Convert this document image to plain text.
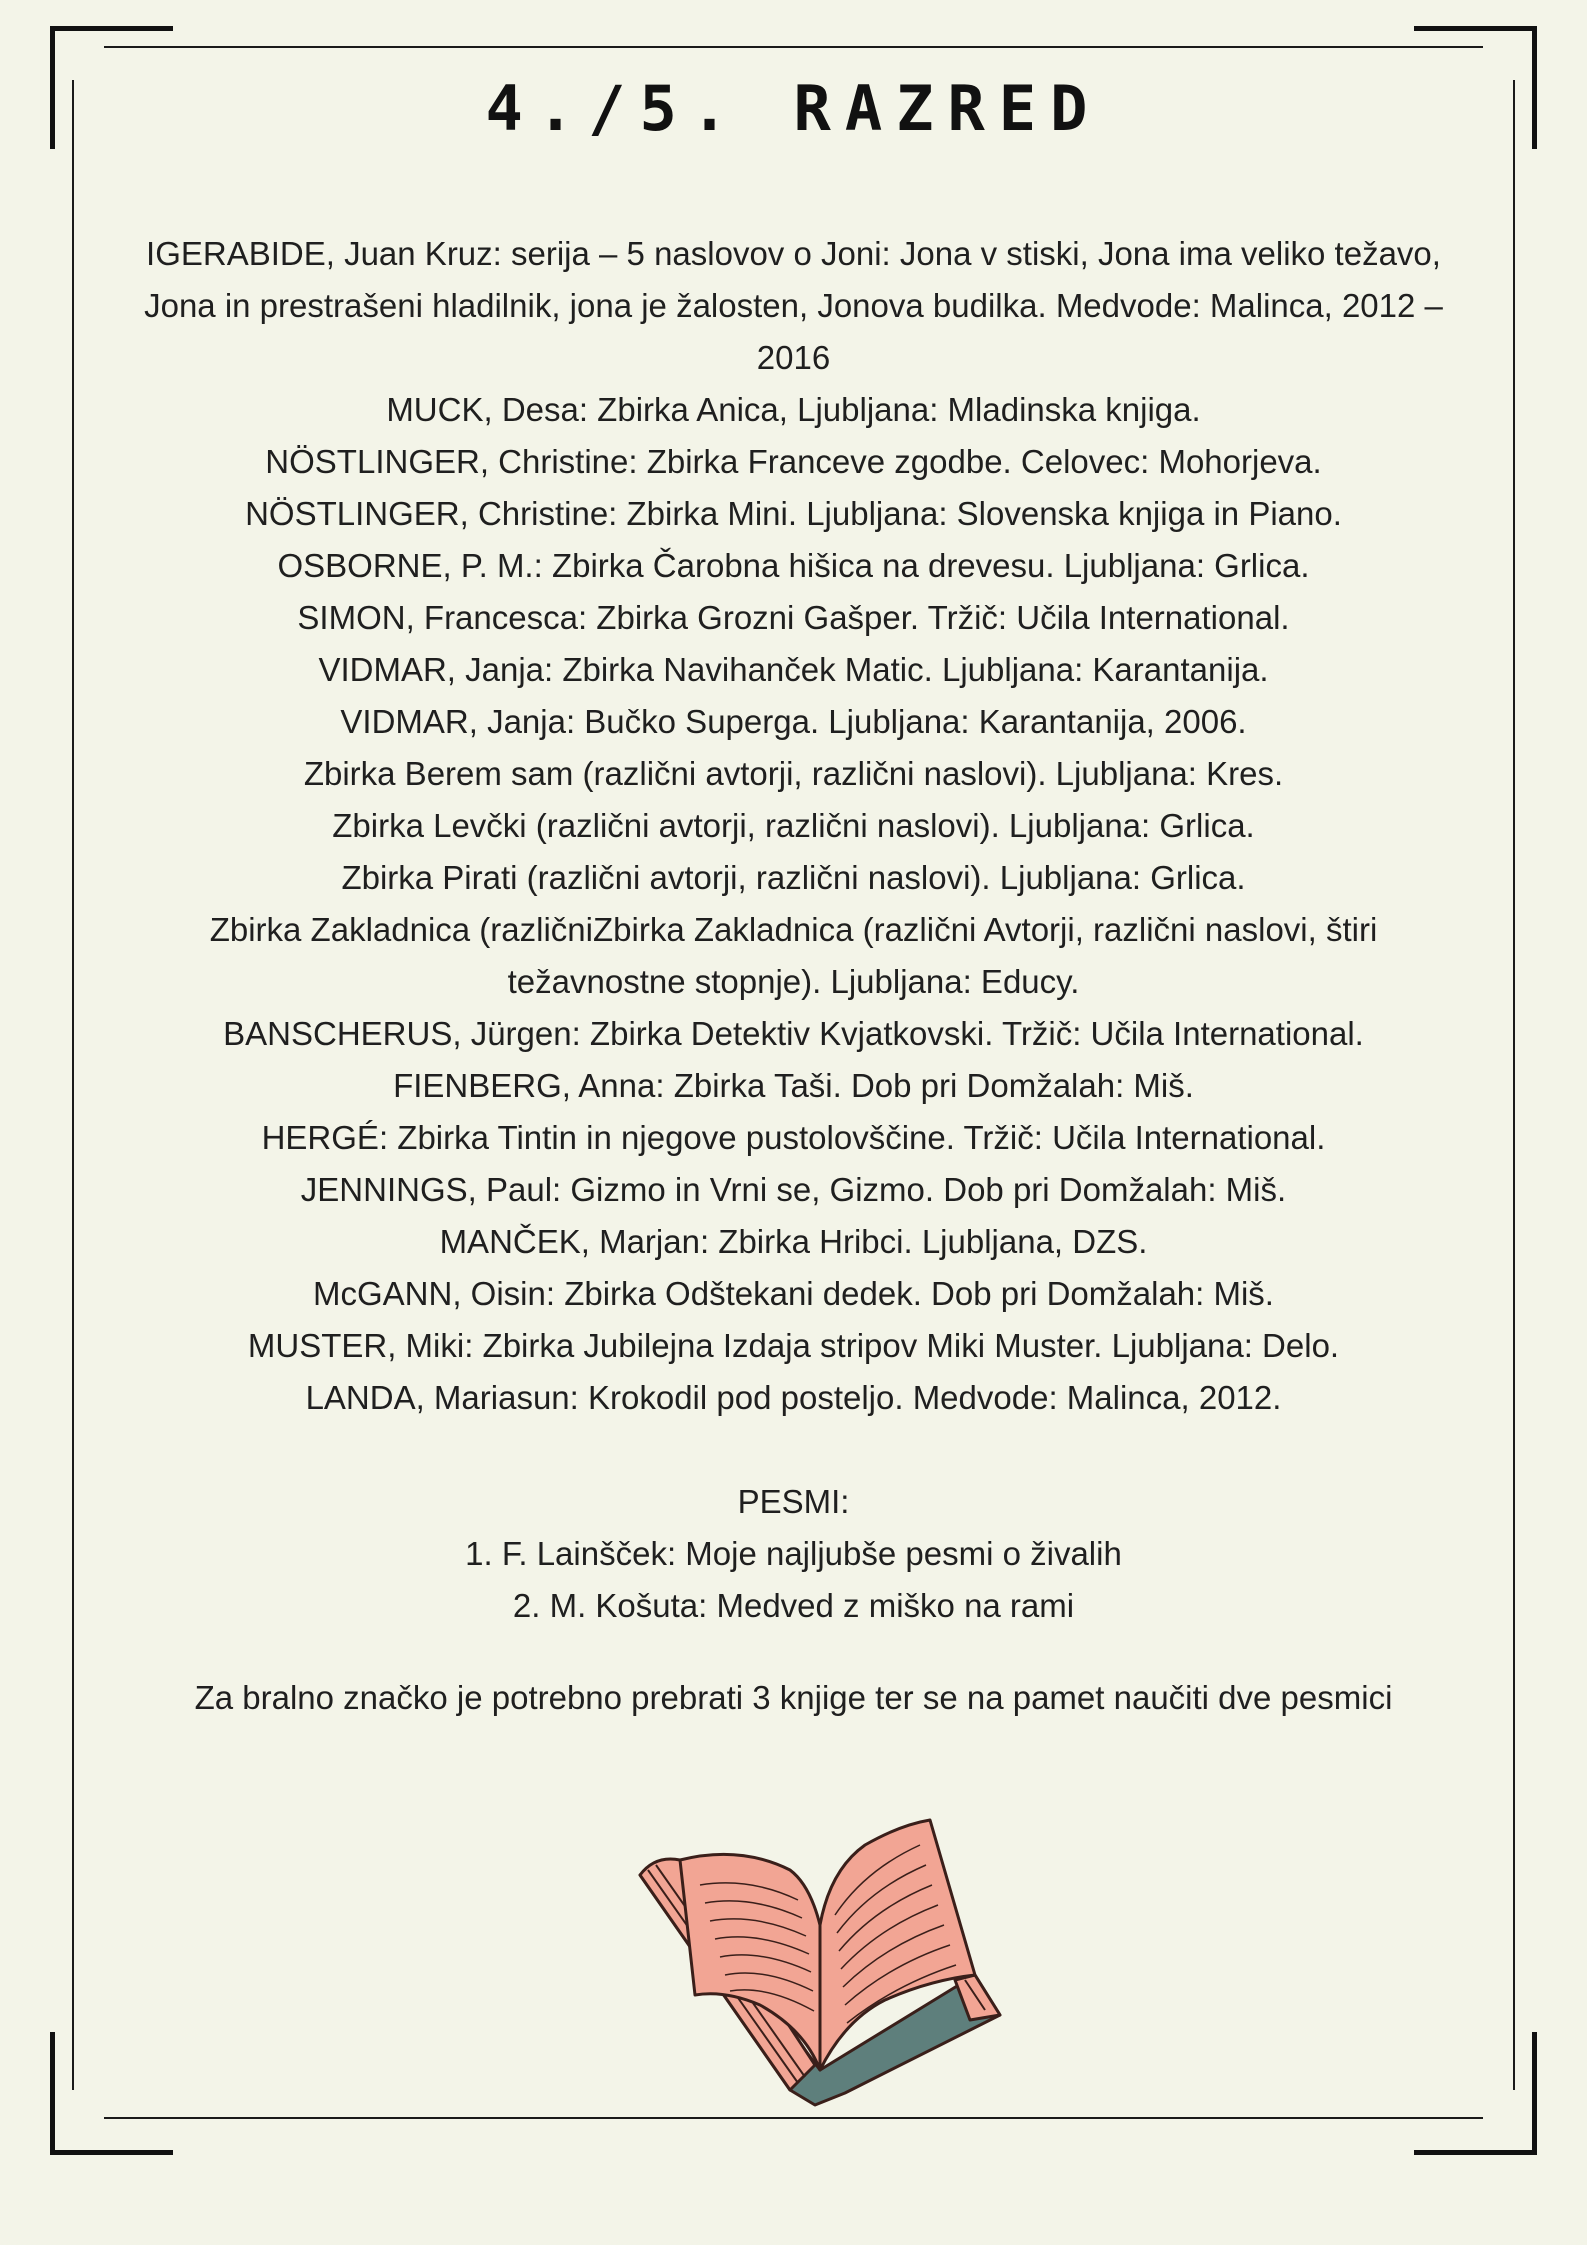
4./5. RAZRED

IGERABIDE, Juan Kruz: serija – 5 naslovov o Joni: Jona v stiski, Jona ima veliko težavo, Jona in prestrašeni hladilnik, jona je žalosten, Jonova budilka. Medvode: Malinca, 2012 – 2016

MUCK, Desa: Zbirka Anica, Ljubljana: Mladinska knjiga.

NÖSTLINGER, Christine: Zbirka Franceve zgodbe. Celovec: Mohorjeva.

NÖSTLINGER, Christine: Zbirka Mini. Ljubljana: Slovenska knjiga in Piano.

OSBORNE, P. M.: Zbirka Čarobna hišica na drevesu. Ljubljana: Grlica.

SIMON, Francesca: Zbirka Grozni Gašper. Tržič: Učila International.

VIDMAR, Janja: Zbirka Navihanček Matic. Ljubljana: Karantanija.

VIDMAR, Janja: Bučko Superga. Ljubljana: Karantanija, 2006.

Zbirka Berem sam (različni avtorji, različni naslovi). Ljubljana: Kres.

Zbirka Levčki (različni avtorji, različni naslovi). Ljubljana: Grlica.

Zbirka Pirati (različni avtorji, različni naslovi). Ljubljana: Grlica.

Zbirka Zakladnica (različniZbirka Zakladnica (različni Avtorji, različni naslovi, štiri težavnostne stopnje). Ljubljana: Educy.

BANSCHERUS, Jürgen: Zbirka Detektiv Kvjatkovski. Tržič: Učila International.

FIENBERG, Anna: Zbirka Taši. Dob pri Domžalah: Miš.

HERGÉ: Zbirka Tintin in njegove pustolovščine. Tržič: Učila International.

JENNINGS, Paul: Gizmo in Vrni se, Gizmo. Dob pri Domžalah: Miš.

MANČEK, Marjan: Zbirka Hribci. Ljubljana, DZS.

McGANN, Oisin: Zbirka Odštekani dedek. Dob pri Domžalah: Miš.

MUSTER, Miki: Zbirka Jubilejna Izdaja stripov Miki Muster. Ljubljana: Delo.

LANDA, Mariasun: Krokodil pod posteljo. Medvode: Malinca, 2012.

PESMI:

1. F. Lainšček: Moje najljubše pesmi o živalih

2. M. Košuta: Medved z miško na rami

Za bralno značko je potrebno prebrati 3 knjige ter se na pamet naučiti dve pesmici
